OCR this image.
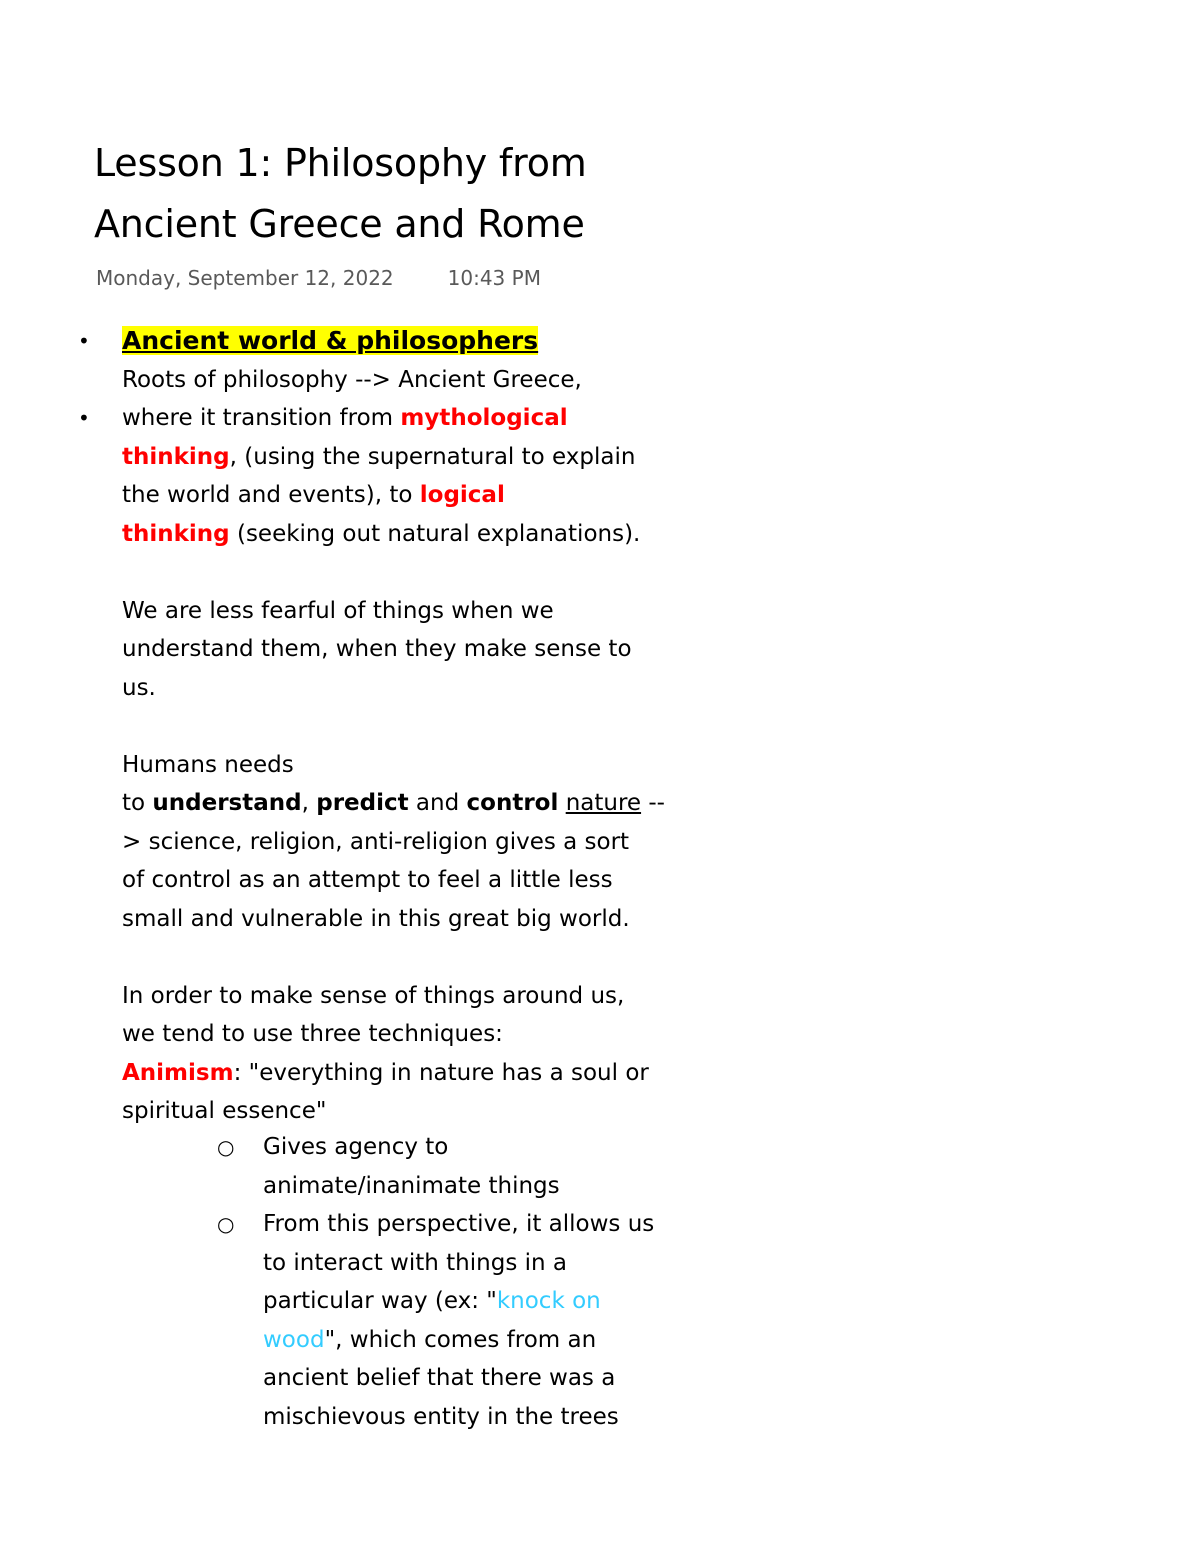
Lesson 1: Philosophy from
Ancient Greece and Rome
Monday, September 12, 2022	10:43 PM
•
•
Ancient world & philosophers
Roots of philosophy --> Ancient Greece,
where it transition from mythological
thinking, (using the supernatural to explain
the world and events), to logical
thinking (seeking out natural explanations).
We are less fearful of things when we
understand them, when they make sense to
us.
Humans needs
to understand, predict and control nature --
> science, religion, anti-religion gives a sort
of control as an attempt to feel a little less
small and vulnerable in this great big world.
In order to make sense of things around us,
we tend to use three techniques:
Animism: "everything in nature has a soul or
spiritual essence"
○
○
Gives agency to
animate/inanimate things
From this perspective, it allows us
to interact with things in a
particular way (ex: "knock on
wood", which comes from an
ancient belief that there was a
mischievous entity in the trees
